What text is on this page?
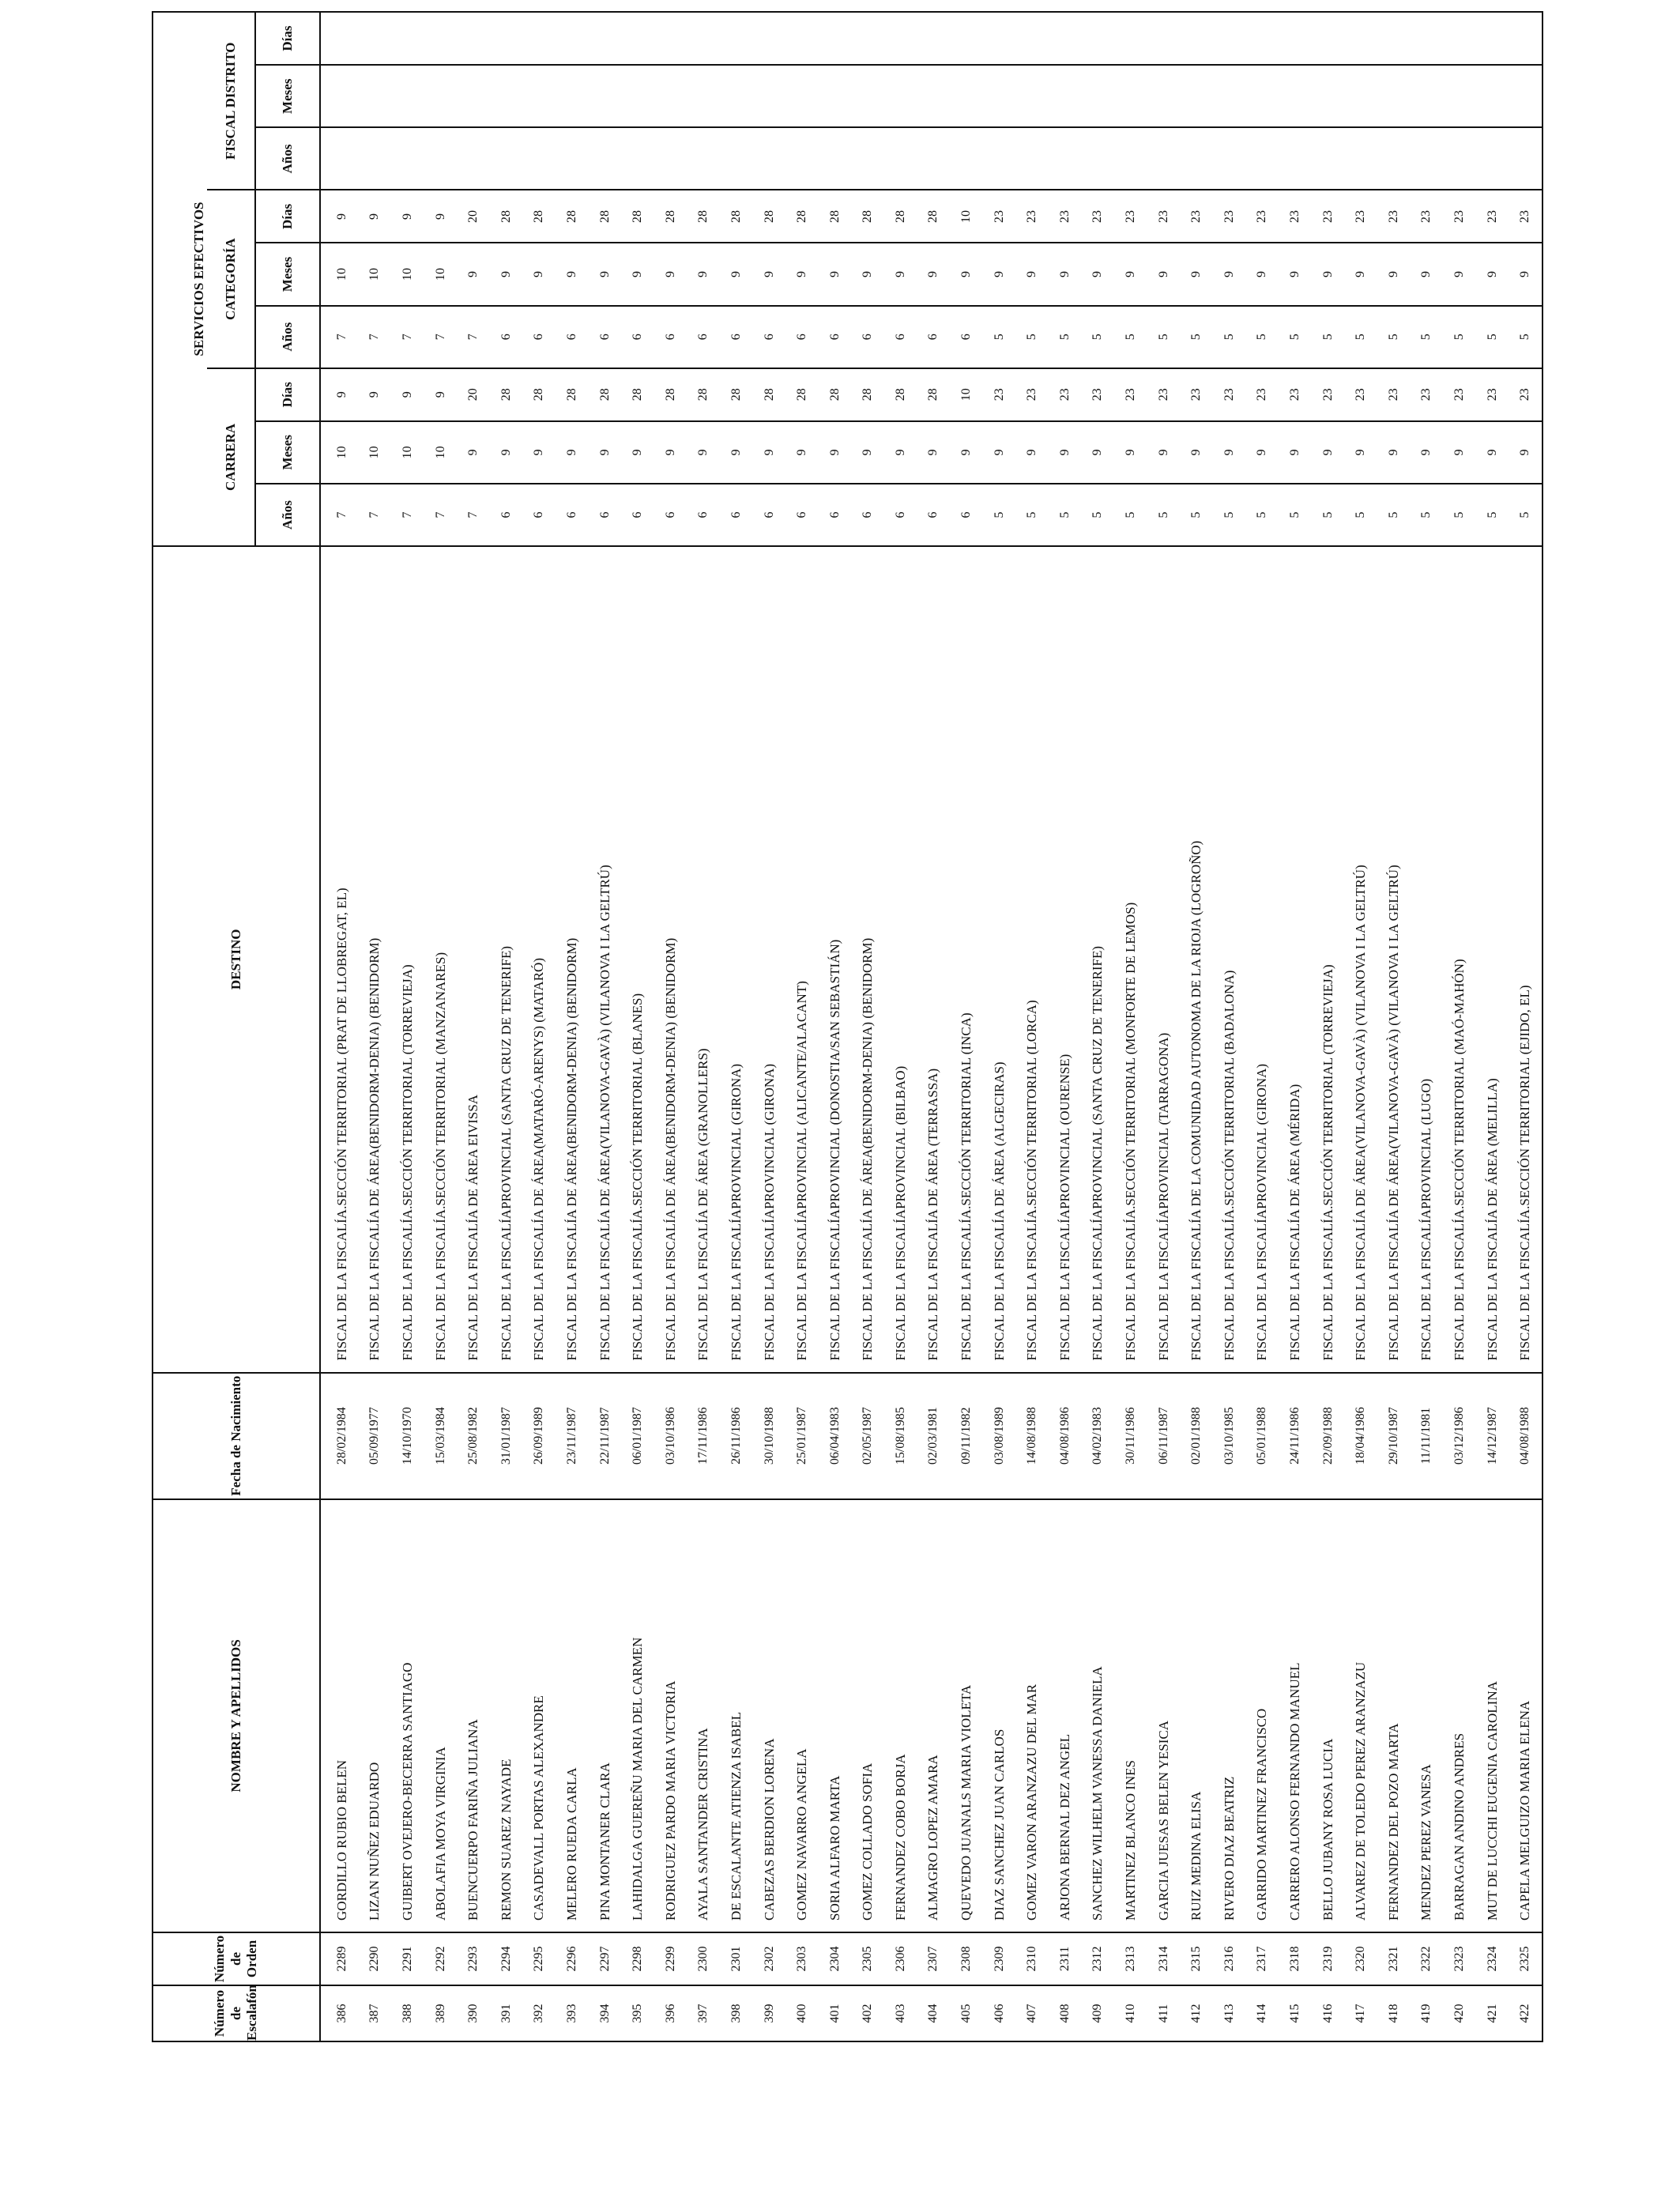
Número de Escalafón	Número de Orden	NOMBRE Y APELLIDOS	Fecha de Nacimiento	DESTINO	SERVICIOS EFECTIVOS								
					CARRERA			CATEGORÍA			FISCAL DISTRITO		
					Años	Meses	Días	Años	Meses	Días	Años	Meses	Días
386	2289	GORDILLO RUBIO BELEN	28/02/1984	FISCAL DE LA FISCALÍA.SECCIÓN TERRITORIAL (PRAT DE LLOBREGAT, EL)	7	10	9	7	10	9			
387	2290	LIZAN NUÑEZ EDUARDO	05/09/1977	FISCAL DE LA FISCALÍA DE ÁREA(BENIDORM-DENIA) (BENIDORM)	7	10	9	7	10	9			
388	2291	GUIBERT OVEJERO-BECERRA SANTIAGO	14/10/1970	FISCAL DE LA FISCALÍA.SECCIÓN TERRITORIAL (TORREVIEJA)	7	10	9	7	10	9			
389	2292	ABOLAFIA MOYA VIRGINIA	15/03/1984	FISCAL DE LA FISCALÍA.SECCIÓN TERRITORIAL (MANZANARES)	7	10	9	7	10	9			
390	2293	BUENCUERPO FARIÑA JULIANA	25/08/1982	FISCAL DE LA FISCALÍA DE ÁREA EIVISSA	7	9	20	7	9	20			
391	2294	REMON SUAREZ NAYADE	31/01/1987	FISCAL DE LA FISCALÍAPROVINCIAL (SANTA CRUZ DE TENERIFE)	6	9	28	6	9	28			
392	2295	CASADEVALL PORTAS ALEXANDRE	26/09/1989	FISCAL DE LA FISCALÍA DE ÁREA(MATARÓ-ARENYS) (MATARÓ)	6	9	28	6	9	28			
393	2296	MELERO RUEDA CARLA	23/11/1987	FISCAL DE LA FISCALÍA DE ÁREA(BENIDORM-DENIA) (BENIDORM)	6	9	28	6	9	28			
394	2297	PINA MONTANER CLARA	22/11/1987	FISCAL DE LA FISCALÍA DE ÁREA(VILANOVA-GAVÀ) (VILANOVA I LA GELTRÚ)	6	9	28	6	9	28			
395	2298	LAHIDALGA GUEREÑU MARIA DEL CARMEN	06/01/1987	FISCAL DE LA FISCALÍA.SECCIÓN TERRITORIAL (BLANES)	6	9	28	6	9	28			
396	2299	RODRIGUEZ PARDO MARIA VICTORIA	03/10/1986	FISCAL DE LA FISCALÍA DE ÁREA(BENIDORM-DENIA) (BENIDORM)	6	9	28	6	9	28			
397	2300	AYALA SANTANDER CRISTINA	17/11/1986	FISCAL DE LA FISCALÍA DE ÁREA (GRANOLLERS)	6	9	28	6	9	28			
398	2301	DE ESCALANTE ATIENZA ISABEL	26/11/1986	FISCAL DE LA FISCALÍAPROVINCIAL (GIRONA)	6	9	28	6	9	28			
399	2302	CABEZAS BERDION LORENA	30/10/1988	FISCAL DE LA FISCALÍAPROVINCIAL (GIRONA)	6	9	28	6	9	28			
400	2303	GOMEZ NAVARRO ANGELA	25/01/1987	FISCAL DE LA FISCALÍAPROVINCIAL (ALICANTE/ALACANT)	6	9	28	6	9	28			
401	2304	SORIA ALFARO MARTA	06/04/1983	FISCAL DE LA FISCALÍAPROVINCIAL (DONOSTIA/SAN SEBASTIÁN)	6	9	28	6	9	28			
402	2305	GOMEZ COLLADO SOFIA	02/05/1987	FISCAL DE LA FISCALÍA DE ÁREA(BENIDORM-DENIA) (BENIDORM)	6	9	28	6	9	28			
403	2306	FERNANDEZ COBO BORJA	15/08/1985	FISCAL DE LA FISCALÍAPROVINCIAL (BILBAO)	6	9	28	6	9	28			
404	2307	ALMAGRO LOPEZ AMARA	02/03/1981	FISCAL DE LA FISCALÍA DE ÁREA (TERRASSA)	6	9	28	6	9	28			
405	2308	QUEVEDO JUANALS MARIA VIOLETA	09/11/1982	FISCAL DE LA FISCALÍA.SECCIÓN TERRITORIAL (INCA)	6	9	10	6	9	10			
406	2309	DIAZ SANCHEZ JUAN CARLOS	03/08/1989	FISCAL DE LA FISCALÍA DE ÁREA (ALGECIRAS)	5	9	23	5	9	23			
407	2310	GOMEZ VARON ARANZAZU DEL MAR	14/08/1988	FISCAL DE LA FISCALÍA.SECCIÓN TERRITORIAL (LORCA)	5	9	23	5	9	23			
408	2311	ARJONA BERNAL DEZ ANGEL	04/08/1986	FISCAL DE LA FISCALÍAPROVINCIAL (OURENSE)	5	9	23	5	9	23			
409	2312	SANCHEZ WILHELM VANESSA DANIELA	04/02/1983	FISCAL DE LA FISCALÍAPROVINCIAL (SANTA CRUZ DE TENERIFE)	5	9	23	5	9	23			
410	2313	MARTINEZ BLANCO INES	30/11/1986	FISCAL DE LA FISCALÍA.SECCIÓN TERRITORIAL (MONFORTE DE LEMOS)	5	9	23	5	9	23			
411	2314	GARCIA JUESAS BELEN YESICA	06/11/1987	FISCAL DE LA FISCALÍAPROVINCIAL (TARRAGONA)	5	9	23	5	9	23			
412	2315	RUIZ MEDINA ELISA	02/01/1988	FISCAL DE LA FISCALÍA DE LA COMUNIDAD AUTONOMA DE LA RIOJA (LOGROÑO)	5	9	23	5	9	23			
413	2316	RIVERO DIAZ BEATRIZ	03/10/1985	FISCAL DE LA FISCALÍA.SECCIÓN TERRITORIAL (BADALONA)	5	9	23	5	9	23			
414	2317	GARRIDO MARTINEZ FRANCISCO	05/01/1988	FISCAL DE LA FISCALÍAPROVINCIAL (GIRONA)	5	9	23	5	9	23			
415	2318	CARRERO ALONSO FERNANDO MANUEL	24/11/1986	FISCAL DE LA FISCALÍA DE ÁREA (MÉRIDA)	5	9	23	5	9	23			
416	2319	BELLO JUBANY ROSA LUCIA	22/09/1988	FISCAL DE LA FISCALÍA.SECCIÓN TERRITORIAL (TORREVIEJA)	5	9	23	5	9	23			
417	2320	ALVAREZ DE TOLEDO PEREZ ARANZAZU	18/04/1986	FISCAL DE LA FISCALÍA DE ÁREA(VILANOVA-GAVÀ) (VILANOVA I LA GELTRÚ)	5	9	23	5	9	23			
418	2321	FERNANDEZ DEL POZO MARTA	29/10/1987	FISCAL DE LA FISCALÍA DE ÁREA(VILANOVA-GAVÀ) (VILANOVA I LA GELTRÚ)	5	9	23	5	9	23			
419	2322	MENDEZ PEREZ VANESA	11/11/1981	FISCAL DE LA FISCALÍAPROVINCIAL (LUGO)	5	9	23	5	9	23			
420	2323	BARRAGAN ANDINO ANDRES	03/12/1986	FISCAL DE LA FISCALÍA.SECCIÓN TERRITORIAL (MAÓ-MAHÓN)	5	9	23	5	9	23			
421	2324	MUT DE LUCCHI EUGENIA CAROLINA	14/12/1987	FISCAL DE LA FISCALÍA DE ÁREA (MELILLA)	5	9	23	5	9	23			
422	2325	CAPELA MELGUIZO MARIA ELENA	04/08/1988	FISCAL DE LA FISCALÍA.SECCIÓN TERRITORIAL (EJIDO, EL)	5	9	23	5	9	23			
